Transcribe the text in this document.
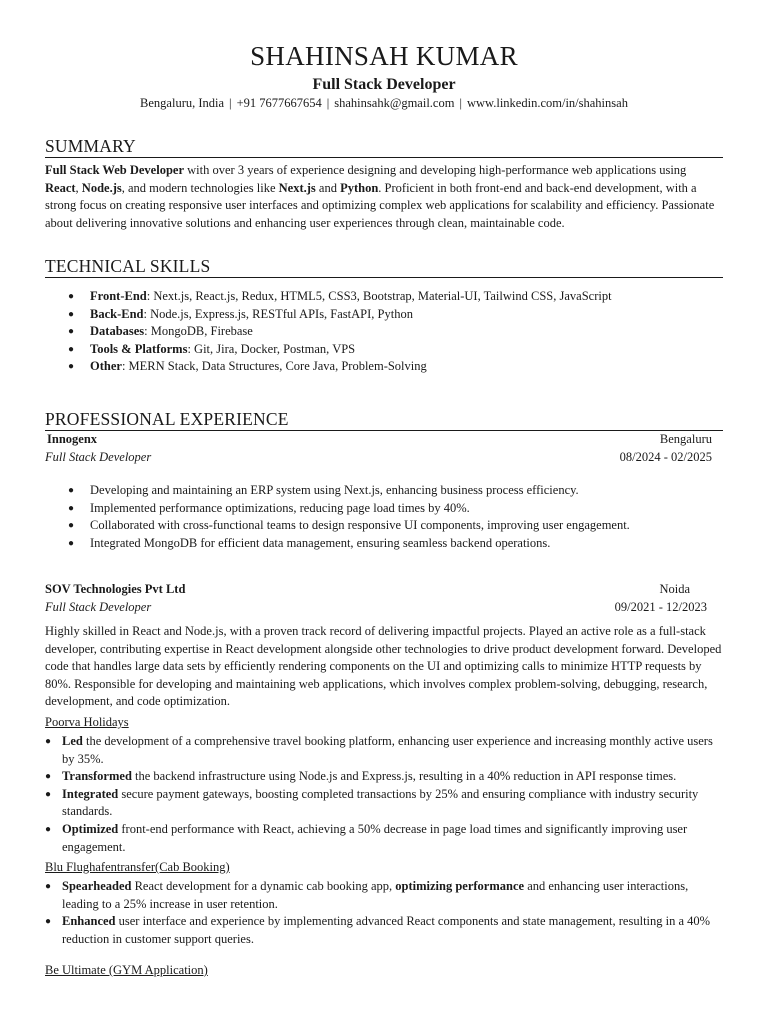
SHAHINSAH KUMAR
Full Stack Developer
Bengaluru, India | +91 7677667654 | shahinsahk@gmail.com | www.linkedin.com/in/shahinsah
SUMMARY

Full Stack Web Developer with over 3 years of experience designing and developing high-performance web applications using React, Node.js, and modern technologies like Next.js and Python. Proficient in both front-end and back-end development, with a strong focus on creating responsive user interfaces and optimizing complex web applications for scalability and efficiency. Passionate about delivering innovative solutions and enhancing user experiences through clean, maintainable code.

TECHNICAL SKILLS
● Front-End: Next.js, React.js, Redux, HTML5, CSS3, Bootstrap, Material-UI, Tailwind CSS, JavaScript
● Back-End: Node.js, Express.js, RESTful APIs, FastAPI, Python
● Databases: MongoDB, Firebase
● Tools & Platforms: Git, Jira, Docker, Postman, VPS
● Other: MERN Stack, Data Structures, Core Java, Problem-Solving
PROFESSIONAL EXPERIENCE
Innogenx	Bengaluru
Full Stack Developer	08/2024 - 02/2025
● Developing and maintaining an ERP system using Next.js, enhancing business process efficiency.
● Implemented performance optimizations, reducing page load times by 40%.
● Collaborated with cross-functional teams to design responsive UI components, improving user engagement.
● Integrated MongoDB for efficient data management, ensuring seamless backend operations.
SOV Technologies Pvt Ltd	Noida
Full Stack Developer	09/2021 - 12/2023

Highly skilled in React and Node.js, with a proven track record of delivering impactful projects. Played an active role as a full-stack developer, contributing expertise in React development alongside other technologies to drive product development forward. Developed code that handles large data sets by efficiently rendering components on the UI and optimizing calls to minimize HTTP requests by 80%. Responsible for developing and maintaining web applications, which involves complex problem-solving, debugging, research, development, and code optimization.

Poorva Holidays
● Led the development of a comprehensive travel booking platform, enhancing user experience and increasing monthly active users by 35%.
● Transformed the backend infrastructure using Node.js and Express.js, resulting in a 40% reduction in API response times.
● Integrated secure payment gateways, boosting completed transactions by 25% and ensuring compliance with industry security standards.
● Optimized front-end performance with React, achieving a 50% decrease in page load times and significantly improving user engagement.
Blu Flughafentransfer(Cab Booking)
● Spearheaded React development for a dynamic cab booking app, optimizing performance and enhancing user interactions, leading to a 25% increase in user retention.
● Enhanced user interface and experience by implementing advanced React components and state management, resulting in a 40% reduction in customer support queries.
Be Ultimate (GYM Application)
